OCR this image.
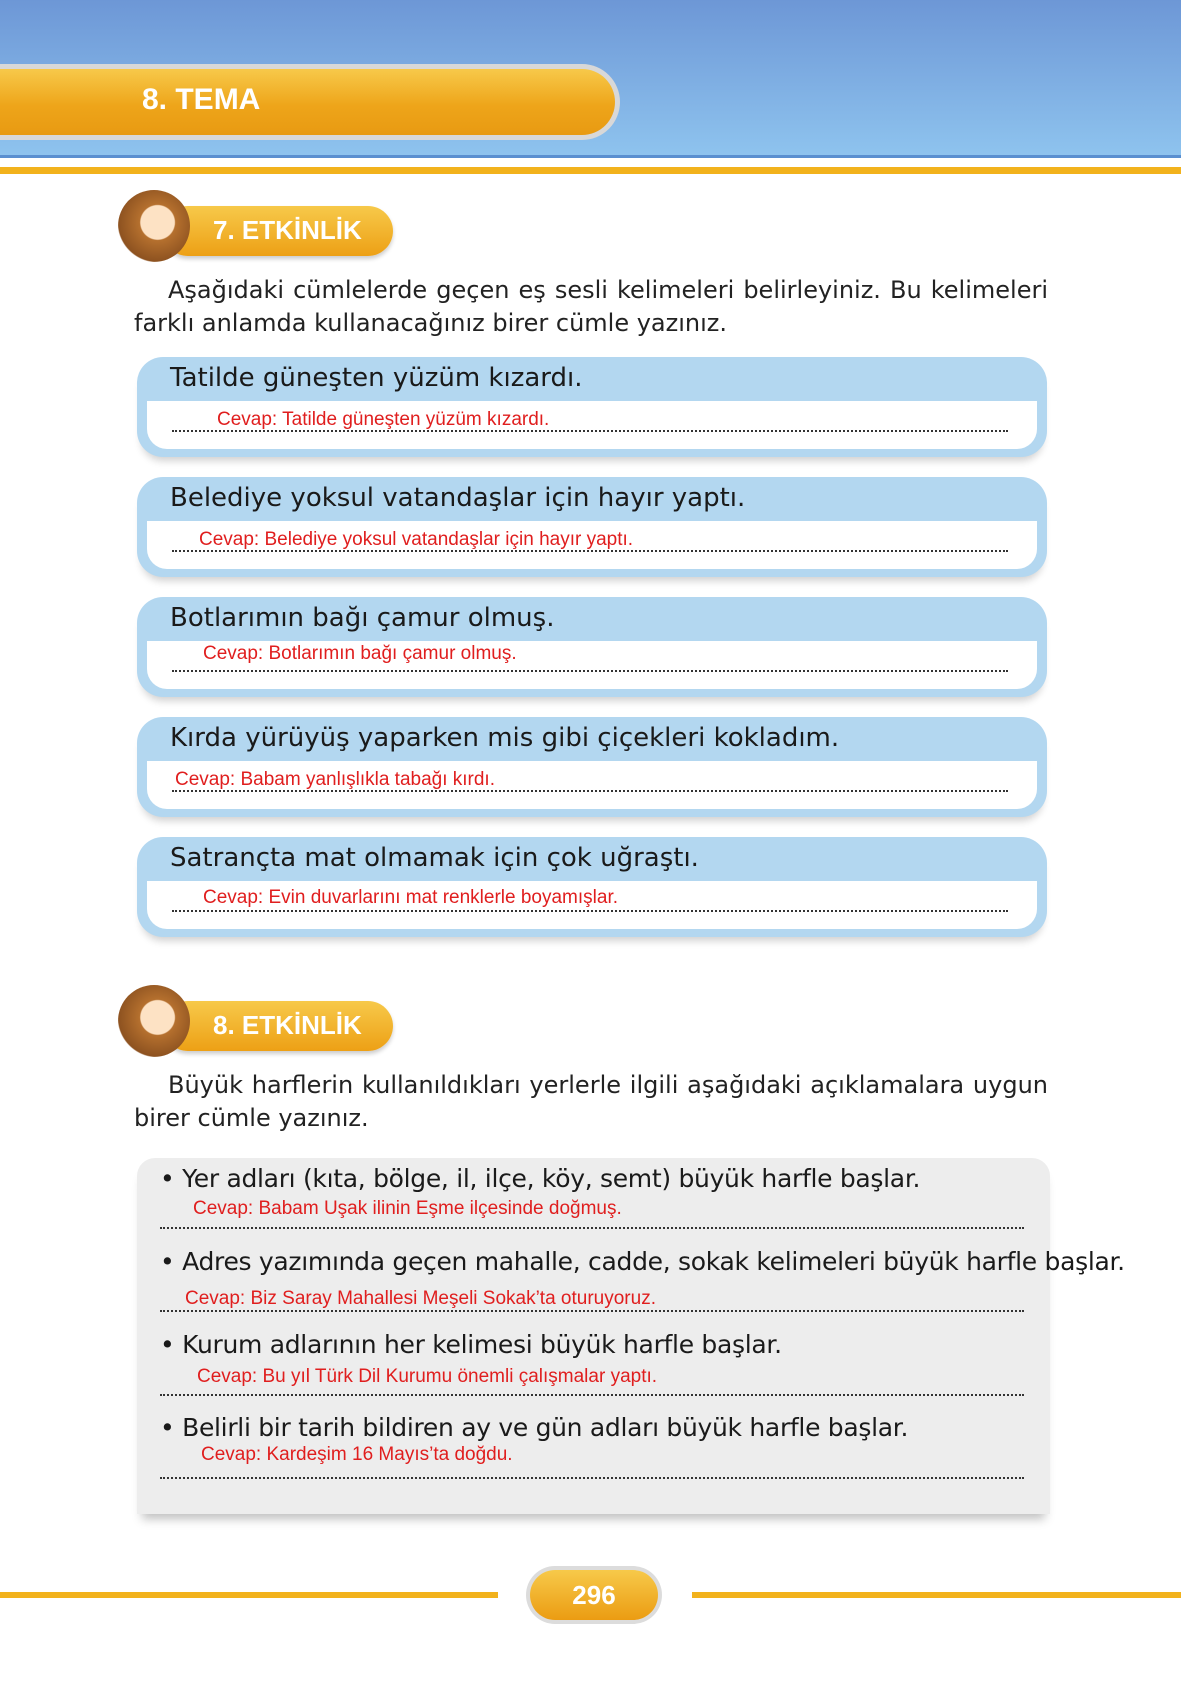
8. TEMA
7. ETKİNLİK

Aşağıdaki cümlelerde geçen eş sesli kelimeleri belirleyiniz. Bu kelimeleri farklı anlamda kullanacağınız birer cümle yazınız.

Tatilde güneşten yüzüm kızardı.
Cevap: Tatilde güneşten yüzüm kızardı.
Belediye yoksul vatandaşlar için hayır yaptı.
Cevap: Belediye yoksul vatandaşlar için hayır yaptı.
Botlarımın bağı çamur olmuş.
Cevap: Botlarımın bağı çamur olmuş.
Kırda yürüyüş yaparken mis gibi çiçekleri kokladım.
Cevap: Babam yanlışlıkla tabağı kırdı.
Satrançta mat olmamak için çok uğraştı.
Cevap: Evin duvarlarını mat renklerle boyamışlar.
8. ETKİNLİK

Büyük harflerin kullanıldıkları yerlerle ilgili aşağıdaki açıklamalara uygun birer cümle yazınız.

• Yer adları (kıta, bölge, il, ilçe, köy, semt) büyük harfle başlar.
Cevap: Babam Uşak ilinin Eşme ilçesinde doğmuş.
• Adres yazımında geçen mahalle, cadde, sokak kelimeleri büyük harfle başlar.
Cevap: Biz Saray Mahallesi Meşeli Sokak’ta oturuyoruz.
• Kurum adlarının her kelimesi büyük harfle başlar.
Cevap: Bu yıl Türk Dil Kurumu önemli çalışmalar yaptı.
• Belirli bir tarih bildiren ay ve gün adları büyük harfle başlar.
Cevap: Kardeşim 16 Mayıs’ta doğdu.
296
